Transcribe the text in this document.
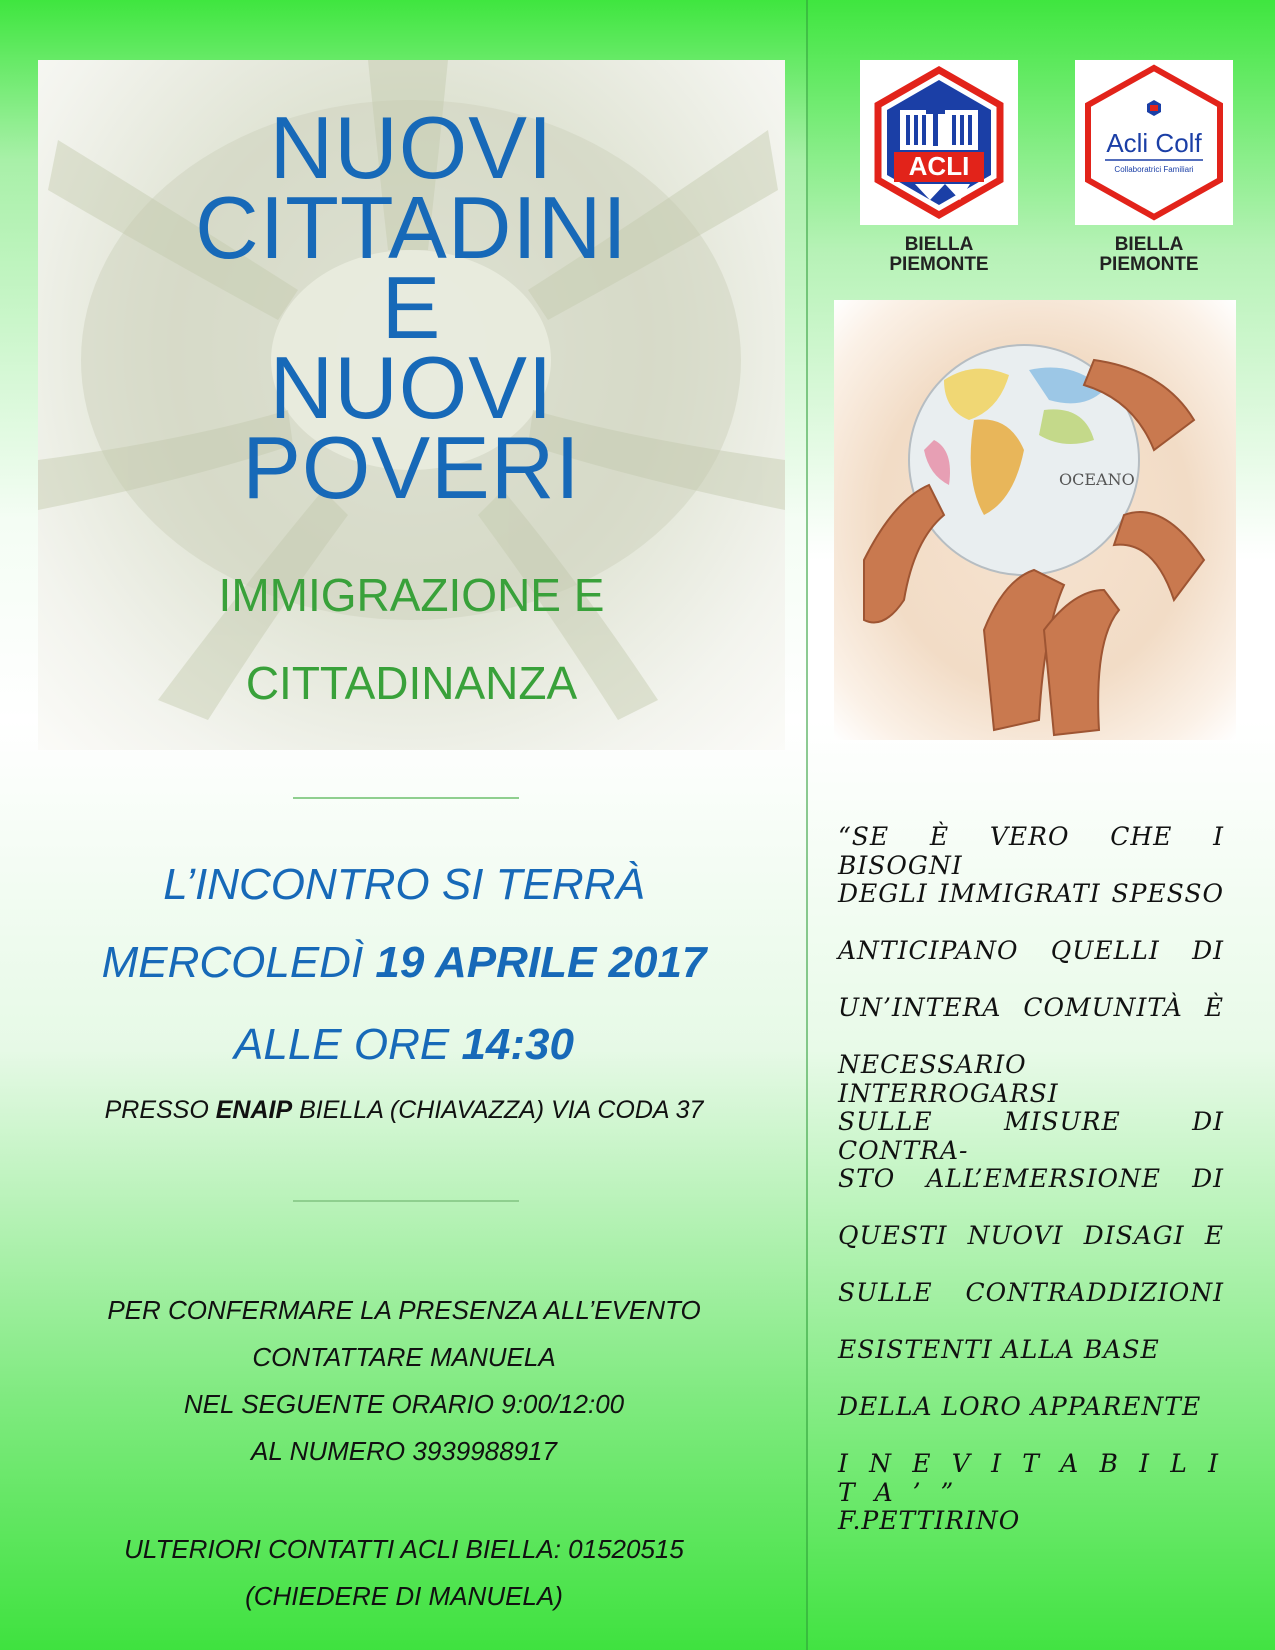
NUOVI
CITTADINI
E
NUOVI
POVERI
IMMIGRAZIONE E
CITTADINANZA
L’INCONTRO SI TERRÀ
MERCOLEDÌ 19 APRILE 2017
ALLE ORE 14:30
PRESSO ENAIP BIELLA (CHIAVAZZA) VIA CODA 37
PER CONFERMARE LA PRESENZA ALL’EVENTO
CONTATTARE MANUELA
NEL SEGUENTE ORARIO 9:00/12:00
AL NUMERO 3939988917
ULTERIORI CONTATTI ACLI BIELLA: 01520515
(CHIEDERE DI MANUELA)
ACLI
BIELLA
PIEMONTE
Acli Colf
Collaboratrici Familiari
BIELLA
PIEMONTE
OCEANO
“SE È VERO CHE I BISOGNI
DEGLI IMMIGRATI SPESSO
ANTICIPANO QUELLI DI
UN’INTERA COMUNITÀ È
NECESSARIO INTERROGARSI
SULLE MISURE DI CONTRA-
STO ALL’EMERSIONE DI
QUESTI NUOVI DISAGI E
SULLE CONTRADDIZIONI
ESISTENTI ALLA BASE
DELLA LORO APPARENTE
I N E V I T A B I L I T A ’ ”
F.PETTIRINO
